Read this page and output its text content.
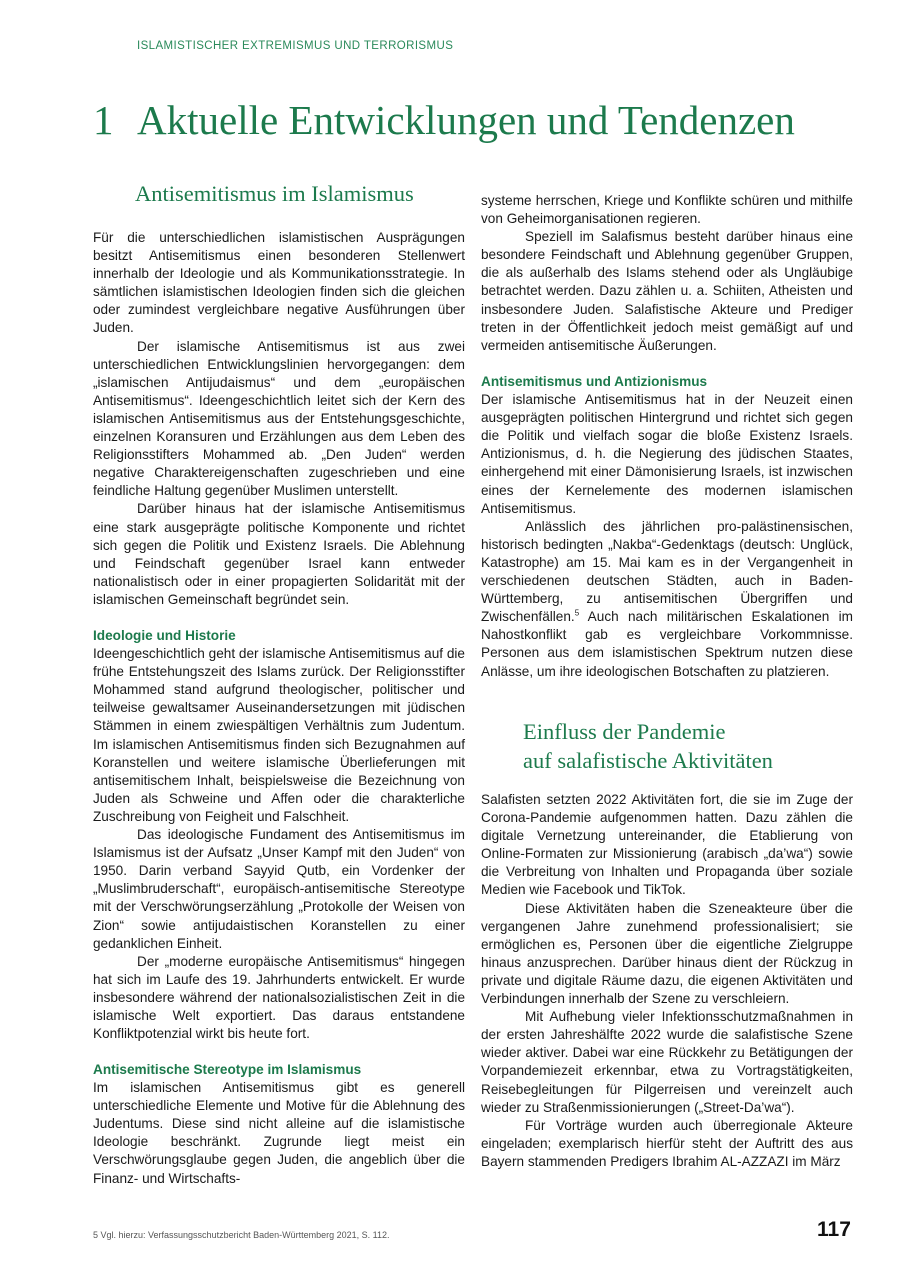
ISLAMISTISCHER EXTREMISMUS UND TERRORISMUS
1 Aktuelle Entwicklungen und Tendenzen
Antisemitismus im Islamismus

Für die unterschiedlichen islamistischen Ausprägungen besitzt Antisemitismus einen besonderen Stellenwert innerhalb der Ideologie und als Kommunikationsstrategie. In sämtlichen islamistischen Ideologien finden sich die gleichen oder zumindest vergleichbare negative Ausführungen über Juden.

Der islamische Antisemitismus ist aus zwei unterschiedlichen Entwicklungslinien hervorgegangen: dem „islamischen Antijudaismus“ und dem „europäischen Antisemitismus“. Ideengeschichtlich leitet sich der Kern des islamischen Antisemitismus aus der Entstehungsgeschichte, einzelnen Koransuren und Erzählungen aus dem Leben des Religionsstifters Mohammed ab. „Den Juden“ werden negative Charaktereigenschaften zugeschrieben und eine feindliche Haltung gegenüber Muslimen unterstellt.

Darüber hinaus hat der islamische Antisemitismus eine stark ausgeprägte politische Komponente und richtet sich gegen die Politik und Existenz Israels. Die Ablehnung und Feindschaft gegenüber Israel kann entweder nationalistisch oder in einer propagierten Solidarität mit der islamischen Gemeinschaft begründet sein.

Ideologie und Historie

Ideengeschichtlich geht der islamische Antisemitismus auf die frühe Entstehungszeit des Islams zurück. Der Religionsstifter Mohammed stand aufgrund theologischer, politischer und teilweise gewaltsamer Auseinandersetzungen mit jüdischen Stämmen in einem zwiespältigen Verhältnis zum Judentum. Im islamischen Antisemitismus finden sich Bezugnahmen auf Koranstellen und weitere islamische Überlieferungen mit antisemitischem Inhalt, beispielsweise die Bezeichnung von Juden als Schweine und Affen oder die charakterliche Zuschreibung von Feigheit und Falschheit.

Das ideologische Fundament des Antisemitismus im Islamismus ist der Aufsatz „Unser Kampf mit den Juden“ von 1950. Darin verband Sayyid Qutb, ein Vordenker der „Muslimbruderschaft“, europäisch-antisemitische Stereotype mit der Verschwörungserzählung „Protokolle der Weisen von Zion“ sowie antijudaistischen Koranstellen zu einer gedanklichen Einheit.

Der „moderne europäische Antisemitismus“ hingegen hat sich im Laufe des 19. Jahrhunderts entwickelt. Er wurde insbesondere während der nationalsozialistischen Zeit in die islamische Welt exportiert. Das daraus entstandene Konfliktpotenzial wirkt bis heute fort.

Antisemitische Stereotype im Islamismus

Im islamischen Antisemitismus gibt es generell unterschiedliche Elemente und Motive für die Ablehnung des Judentums. Diese sind nicht alleine auf die islamistische Ideologie beschränkt. Zugrunde liegt meist ein Verschwörungsglaube gegen Juden, die angeblich über die Finanz- und Wirtschafts-

systeme herrschen, Kriege und Konflikte schüren und mithilfe von Geheimorganisationen regieren.

Speziell im Salafismus besteht darüber hinaus eine besondere Feindschaft und Ablehnung gegenüber Gruppen, die als außerhalb des Islams stehend oder als Ungläubige betrachtet werden. Dazu zählen u. a. Schiiten, Atheisten und insbesondere Juden. Salafistische Akteure und Prediger treten in der Öffentlichkeit jedoch meist gemäßigt auf und vermeiden antisemitische Äußerungen.

Antisemitismus und Antizionismus

Der islamische Antisemitismus hat in der Neuzeit einen ausgeprägten politischen Hintergrund und richtet sich gegen die Politik und vielfach sogar die bloße Existenz Israels. Antizionismus, d. h. die Negierung des jüdischen Staates, einhergehend mit einer Dämonisierung Israels, ist inzwischen eines der Kernelemente des modernen islamischen Antisemitismus.

Anlässlich des jährlichen pro-palästinensischen, historisch bedingten „Nakba“-Gedenktags (deutsch: Unglück, Katastrophe) am 15. Mai kam es in der Vergangenheit in verschiedenen deutschen Städten, auch in Baden-Württemberg, zu antisemitischen Übergriffen und Zwischenfällen.$^5$ Auch nach militärischen Eskalationen im Nahostkonflikt gab es vergleichbare Vorkommnisse. Personen aus dem islamistischen Spektrum nutzen diese Anlässe, um ihre ideologischen Botschaften zu platzieren.

Einfluss der Pandemie
auf salafistische Aktivitäten

Salafisten setzten 2022 Aktivitäten fort, die sie im Zuge der Corona-Pandemie aufgenommen hatten. Dazu zählen die digitale Vernetzung untereinander, die Etablierung von Online-Formaten zur Missionierung (arabisch „da’wa“) sowie die Verbreitung von Inhalten und Propaganda über soziale Medien wie Facebook und TikTok.

Diese Aktivitäten haben die Szeneakteure über die vergangenen Jahre zunehmend professionalisiert; sie ermöglichen es, Personen über die eigentliche Zielgruppe hinaus anzusprechen. Darüber hinaus dient der Rückzug in private und digitale Räume dazu, die eigenen Aktivitäten und Verbindungen innerhalb der Szene zu verschleiern.

Mit Aufhebung vieler Infektionsschutzmaßnahmen in der ersten Jahreshälfte 2022 wurde die salafistische Szene wieder aktiver. Dabei war eine Rückkehr zu Betätigungen der Vorpandemiezeit erkennbar, etwa zu Vortragstätigkeiten, Reisebegleitungen für Pilgerreisen und vereinzelt auch wieder zu Straßenmissionierungen („Street-Da’wa“).

Für Vorträge wurden auch überregionale Akteure eingeladen; exemplarisch hierfür steht der Auftritt des aus Bayern stammenden Predigers Ibrahim AL-AZZAZI im März

5 Vgl. hierzu: Verfassungsschutzbericht Baden-Württemberg 2021, S. 112.	117
